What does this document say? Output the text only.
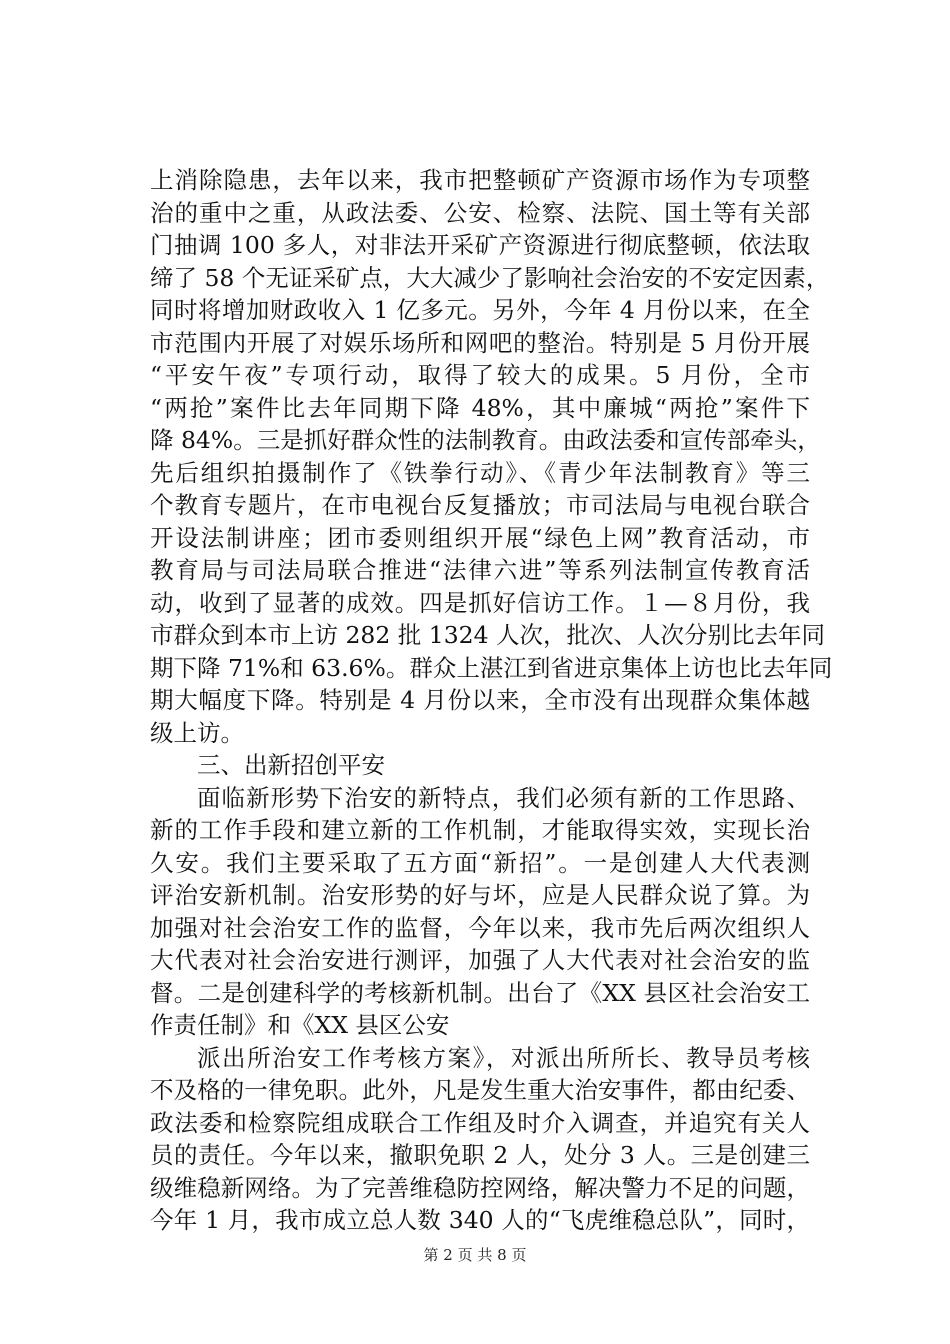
上消除隐患，去年以来，我市把整顿矿产资源市场作为专项整
治的重中之重，从政法委、公安、检察、法院、国土等有关部
门抽调 100 多人，对非法开采矿产资源进行彻底整顿，依法取
缔了 58 个无证采矿点，大大减少了影响社会治安的不安定因素，
同时将增加财政收入 1 亿多元。另外，今年 4 月份以来，在全
市范围内开展了对娱乐场所和网吧的整治。特别是 5 月份开展
“平安午夜”专项行动，取得了较大的成果。5 月份，全市
“两抢”案件比去年同期下降 48%，其中廉城“两抢”案件下
降 84%。三是抓好群众性的法制教育。由政法委和宣传部牵头，
先后组织拍摄制作了《铁拳行动》、《青少年法制教育》等三
个教育专题片，在市电视台反复播放；市司法局与电视台联合
开设法制讲座；团市委则组织开展“绿色上网”教育活动，市
教育局与司法局联合推进“法律六进”等系列法制宣传教育活
动，收到了显著的成效。四是抓好信访工作。１—８月份，我
市群众到本市上访 282 批 1324 人次，批次、人次分别比去年同
期下降 71%和 63.6%。群众上湛江到省进京集体上访也比去年同
期大幅度下降。特别是 4 月份以来，全市没有出现群众集体越
级上访。
三、出新招创平安
面临新形势下治安的新特点，我们必须有新的工作思路、
新的工作手段和建立新的工作机制，才能取得实效，实现长治
久安。我们主要采取了五方面“新招”。一是创建人大代表测
评治安新机制。治安形势的好与坏，应是人民群众说了算。为
加强对社会治安工作的监督，今年以来，我市先后两次组织人
大代表对社会治安进行测评，加强了人大代表对社会治安的监
督。二是创建科学的考核新机制。出台了《XX 县区社会治安工
作责任制》和《XX 县区公安
派出所治安工作考核方案》，对派出所所长、教导员考核
不及格的一律免职。此外，凡是发生重大治安事件，都由纪委、
政法委和检察院组成联合工作组及时介入调查，并追究有关人
员的责任。今年以来，撤职免职 2 人，处分 3 人。三是创建三
级维稳新网络。为了完善维稳防控网络，解决警力不足的问题，
今年 1 月，我市成立总人数 340 人的“飞虎维稳总队”，同时，
第 2 页 共 8 页
